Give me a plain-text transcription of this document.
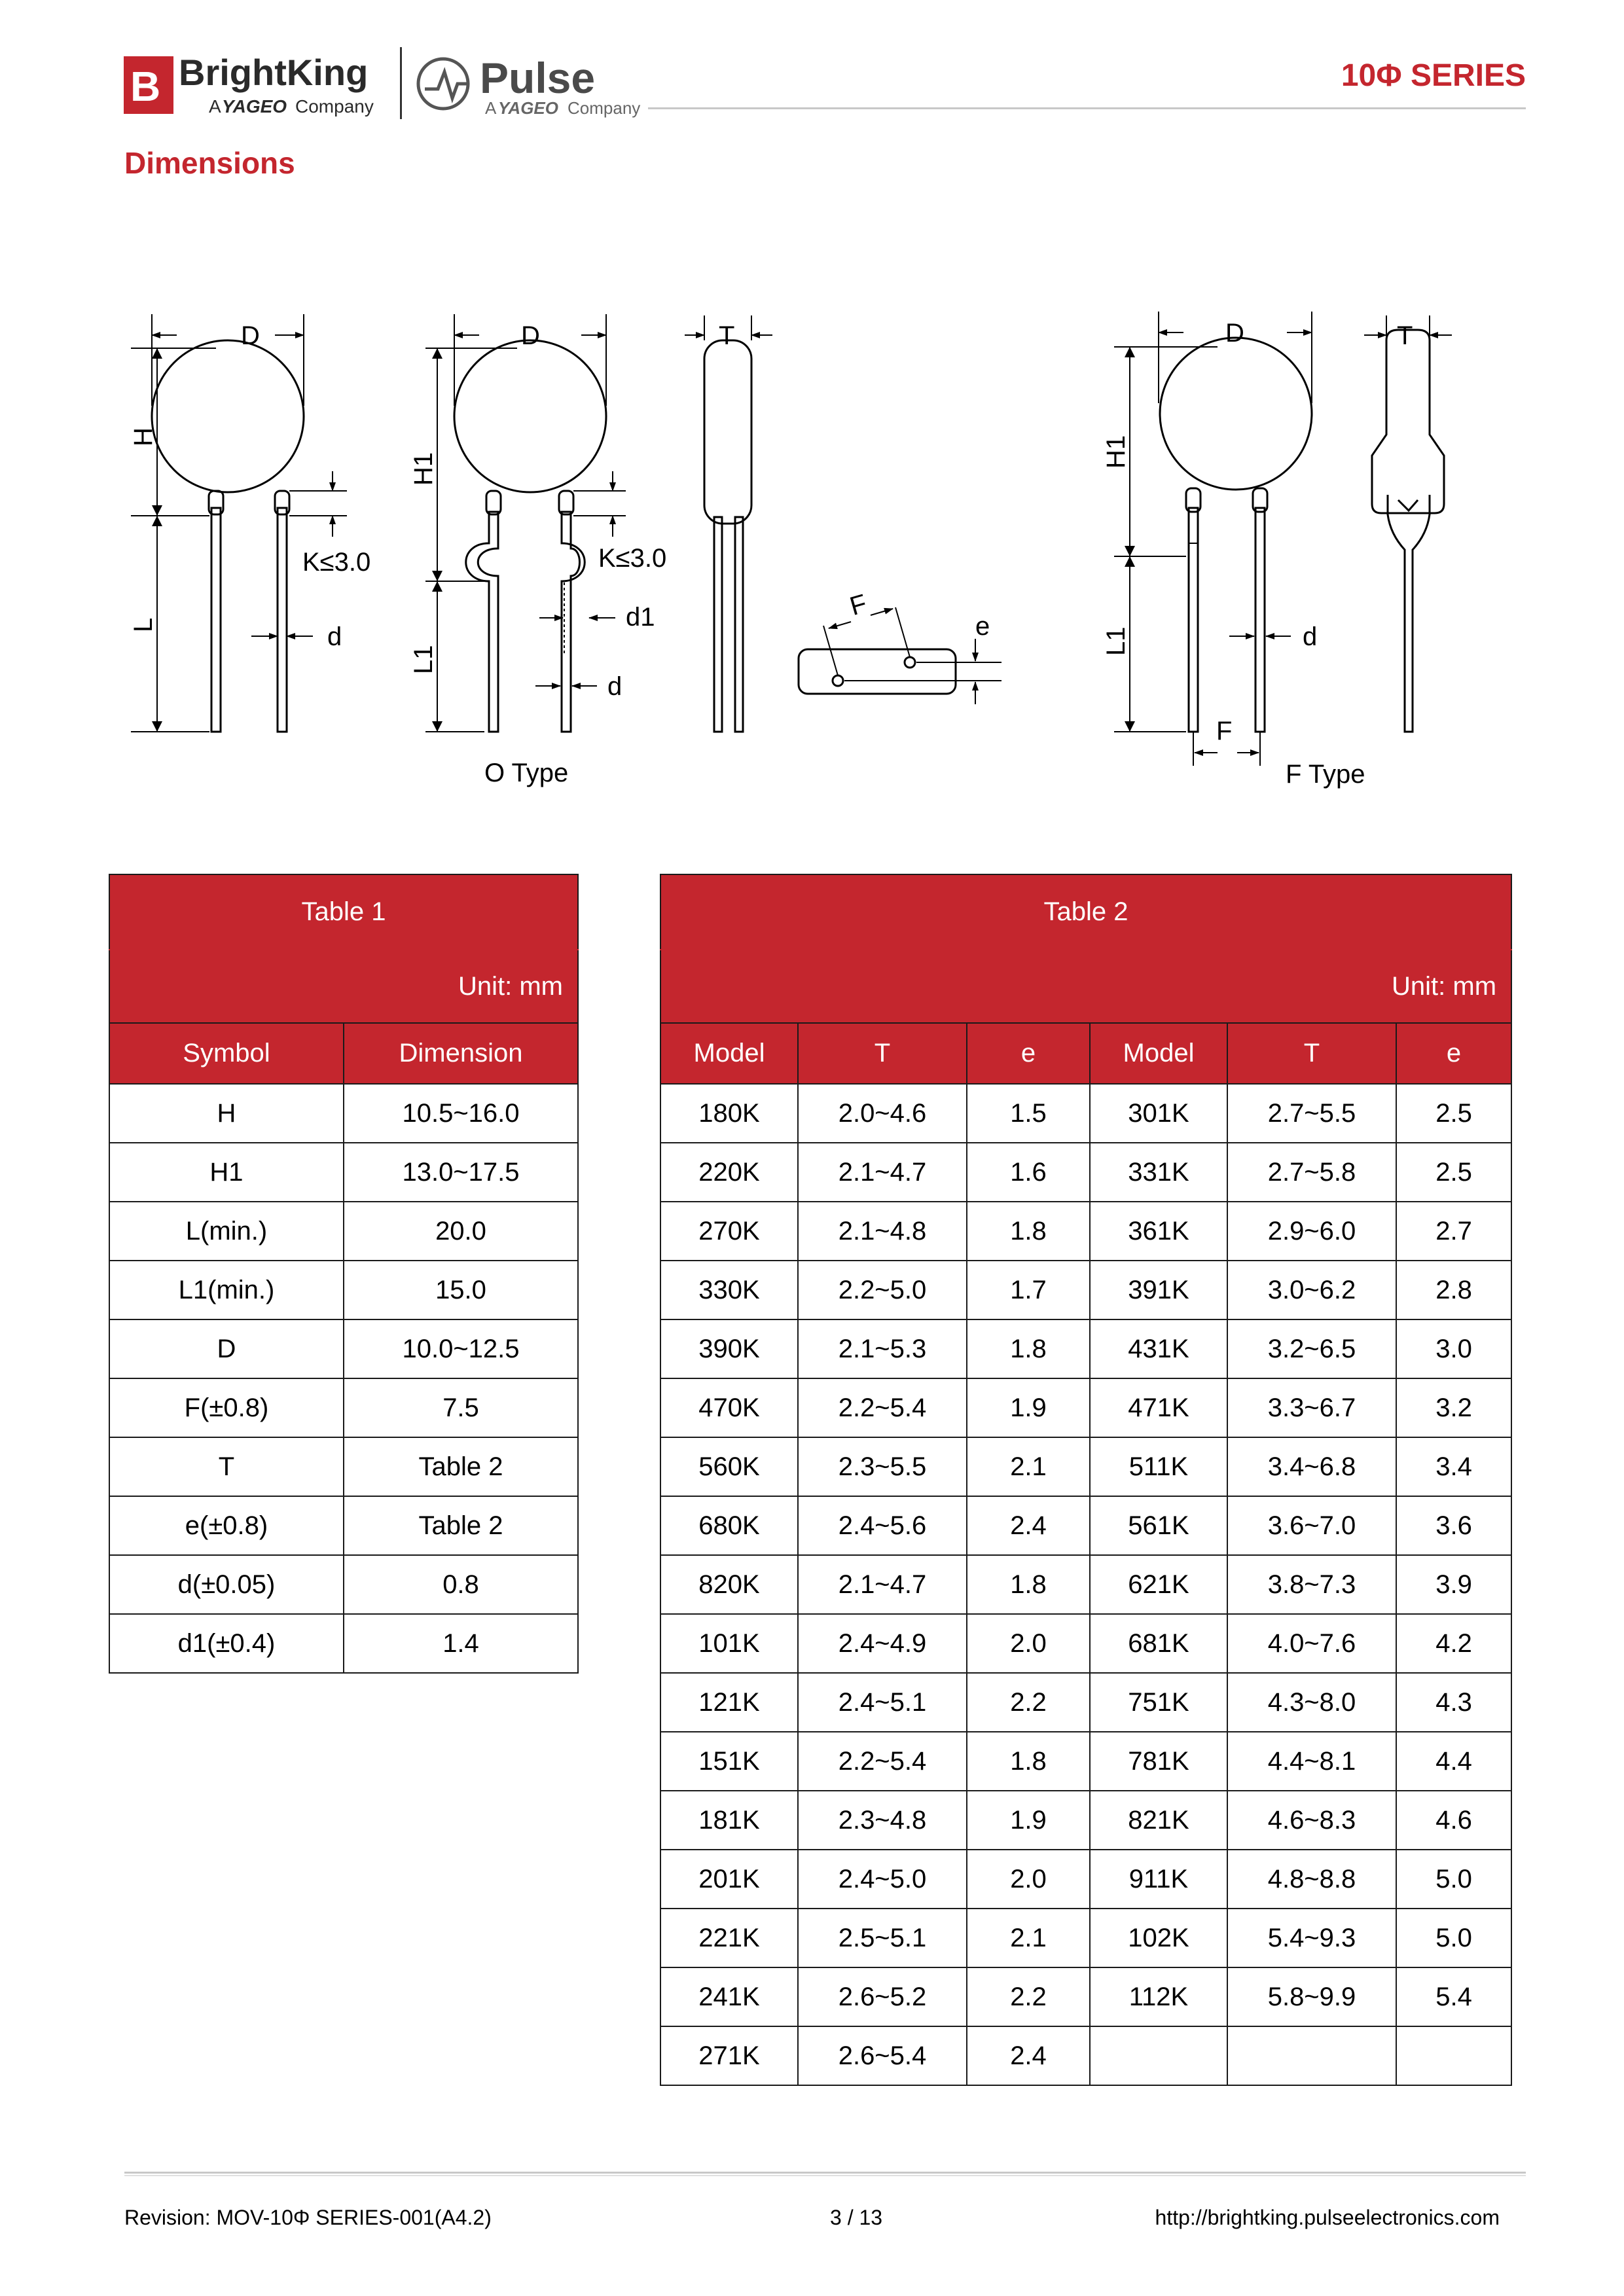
B BrightKing
A YAGEO Company
Pulse
A YAGEO Company
10Φ SERIES
Dimensions
D
H
L
K≤3.0
d
D
H1
L1
K≤3.0
d1
d
O Type
T
F
e
D
H1
L1	d
F
F Type
T
Table 1	
Unit: mm	
Symbol	Dimension
H	10.5~16.0
H1	13.0~17.5
L(min.)	20.0
L1(min.)	15.0
D	10.0~12.5
F(±0.8)	7.5
T	Table 2
e(±0.8)	Table 2
d(±0.05)	0.8
d1(±0.4)	1.4
Table 2					
Unit: mm					
Model	T	e	Model	T	e
180K	2.0~4.6	1.5	301K	2.7~5.5	2.5
220K	2.1~4.7	1.6	331K	2.7~5.8	2.5
270K	2.1~4.8	1.8	361K	2.9~6.0	2.7
330K	2.2~5.0	1.7	391K	3.0~6.2	2.8
390K	2.1~5.3	1.8	431K	3.2~6.5	3.0
470K	2.2~5.4	1.9	471K	3.3~6.7	3.2
560K	2.3~5.5	2.1	511K	3.4~6.8	3.4
680K	2.4~5.6	2.4	561K	3.6~7.0	3.6
820K	2.1~4.7	1.8	621K	3.8~7.3	3.9
101K	2.4~4.9	2.0	681K	4.0~7.6	4.2
121K	2.4~5.1	2.2	751K	4.3~8.0	4.3
151K	2.2~5.4	1.8	781K	4.4~8.1	4.4
181K	2.3~4.8	1.9	821K	4.6~8.3	4.6
201K	2.4~5.0	2.0	911K	4.8~8.8	5.0
221K	2.5~5.1	2.1	102K	5.4~9.3	5.0
241K	2.6~5.2	2.2	112K	5.8~9.9	5.4
271K	2.6~5.4	2.4			
Revision: MOV-10Φ SERIES-001(A4.2)	3 / 13	http://brightking.pulseelectronics.com
